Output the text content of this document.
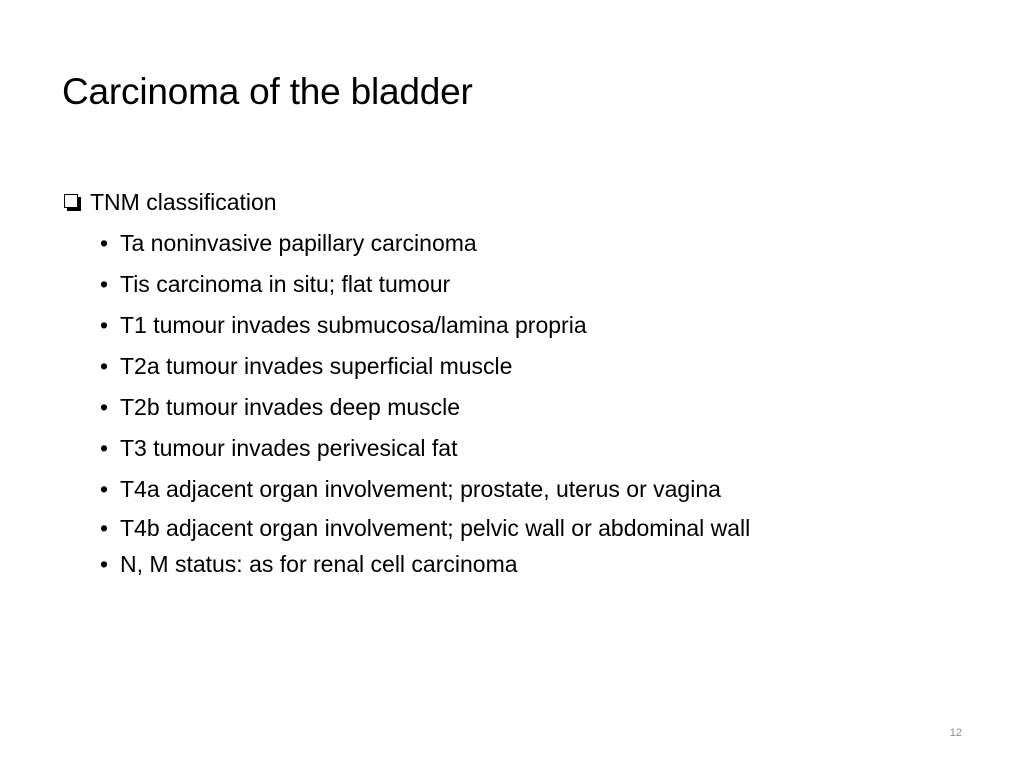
Carcinoma of the bladder
TNM classification
• Ta noninvasive papillary carcinoma
• Tis carcinoma in situ; flat tumour
• T1 tumour invades submucosa/lamina propria
• T2a tumour invades superficial muscle
• T2b tumour invades deep muscle
• T3 tumour invades perivesical fat
• T4a adjacent organ involvement; prostate, uterus or vagina
• T4b adjacent organ involvement; pelvic wall or abdominal wall
• N, M status: as for renal cell carcinoma
12
